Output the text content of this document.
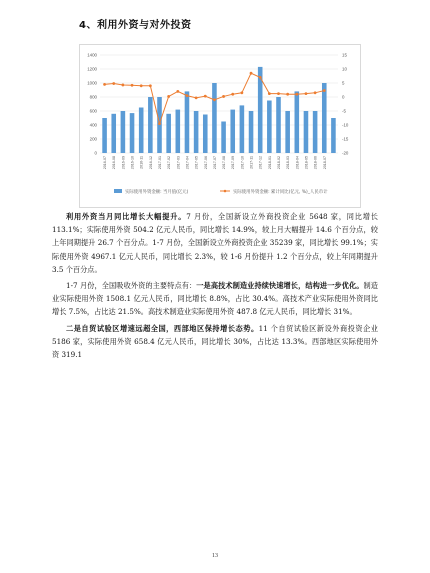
4、利用外资与对外投资
0
200
400
600
800
1000
1200
1400	15
10
5
0
-5
-10
-15
-20
2016-07 2016-08 2016-09 2016-10 2016-11 2016-12 2017-01 2017-02 2017-03 2017-04 2017-05 2017-06 2017-07 2017-08 2017-09 2017-10 2017-11 2017-12 2018-01 2018-02 2018-03 2018-04 2018-05 2018-06 2018-07
实际使用外资金额: 当月值(亿元)	实际使用外资金额: 累计同比(亿元, %)_人民币计

利用外资当月同比增长大幅提升。7 月份，全国新设立外商投资企业 5648 家，同比增长 113.1%；实际使用外资 504.2 亿元人民币，同比增长 14.9%，较上月大幅提升 14.6 个百分点，较上年同期提升 26.7 个百分点。1-7 月份，全国新设立外商投资企业 35239 家，同比增长 99.1%；实际使用外资 4967.1 亿元人民币，同比增长 2.3%，较 1-6 月份提升 1.2 个百分点，较上年同期提升 3.5 个百分点。

1-7 月份，全国吸收外资的主要特点有：一是高技术制造业持续快速增长，结构进一步优化。制造业实际使用外资 1508.1 亿元人民币，同比增长 8.8%，占比 30.4%。高技术产业实际使用外资同比增长 7.5%，占比达 21.5%。高技术制造业实际使用外资 487.8 亿元人民币，同比增长 31%。

二是自贸试验区增速远超全国，西部地区保持增长态势。11 个自贸试验区新设外商投资企业 5186 家，实际使用外资 658.4 亿元人民币，同比增长 30%，占比达 13.3%。西部地区实际使用外资 319.1

13
